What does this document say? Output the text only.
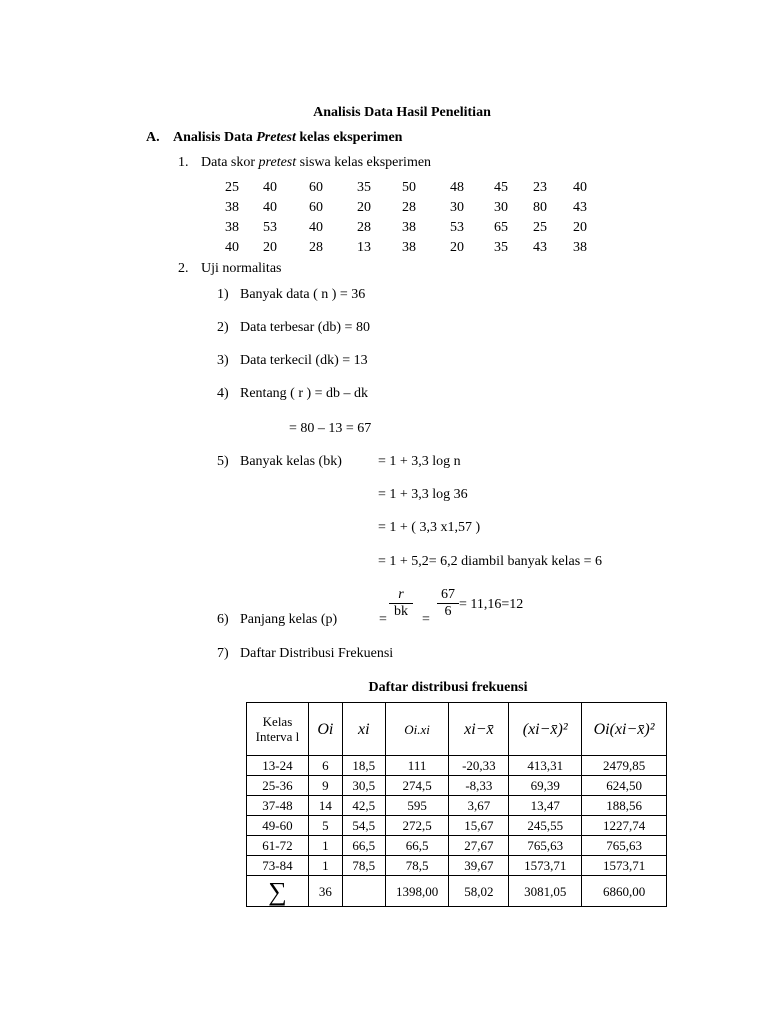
Analisis Data Hasil Penelitian
A. Analisis Data Pretest kelas eksperimen
1. Data skor pretest siswa kelas eksperimen
25 40 60 35 50 48 45 23 40
38 40 60 20 28 30 30 80 43
38 53 40 28 38 53 65 25 20
40 20 28 13 38 20 35 43 38
2. Uji normalitas
1) Banyak data ( n ) = 36
2) Data terbesar (db) = 80
3) Data terkecil (dk) = 13
4) Rentang ( r ) = db – dk
= 80 – 13 = 67
5) Banyak kelas (bk)	= 1 + 3,3 log n
= 1 + 3,3 log 36
= 1 + ( 3,3 x1,57 )
= 1 + 5,2= 6,2 diambil banyak kelas = 6
6) Panjang kelas (p)	= $\frac{r}{bk} = \frac{67}{6} = 11,16=12$
7) Daftar Distribusi Frekuensi
Daftar distribusi frekuensi
Kelas Interva l	Oi	xi	Oi.xi	xi−x̄	(xi−x̄)²	Oi(xi−x̄)²
13-24	6	18,5	111	-20,33	413,31	2479,85
25-36	9	30,5	274,5	-8,33	69,39	624,50
37-48	14	42,5	595	3,67	13,47	188,56
49-60	5	54,5	272,5	15,67	245,55	1227,74
61-72	1	66,5	66,5	27,67	765,63	765,63
73-84	1	78,5	78,5	39,67	1573,71	1573,71
∑	36		1398,00	58,02	3081,05	6860,00
